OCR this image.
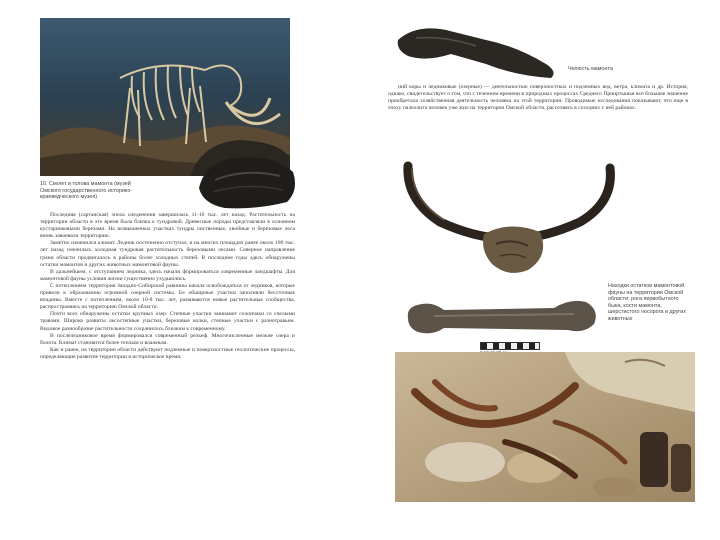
10. Скелет и голова мамонта (музей Омского государственного историко-краеведческого музея)

Последняя (сартанская) эпоха оледенения завершилась 11-10 тыс. лет назад. Растительность на территории области в это время была близка к тундровой. Древесные породы представляли в основном кустарниковыми березами. На возвышенных участках тундры лиственные, хвойные и березовые леса вновь завоевали территорию.

Заметно изменился климат. Ледник постепенно отступал, и на многих площадях ранее около 100 тыс. лет назад сменилась холодная тундровая растительность березовыми лесами. Северное направление грани области продвигалось в районы более холодных степей. В последние годы здесь обнаружены остатки мамонтов и других животных мамонтовой фауны.

В дальнейшем, с отступанием ледника, здесь начали формироваться современные ландшафты. Для мамонтовой фауны условия жизни существенно ухудшились.

С потеплением территория Западно-Сибирской равнины начала освобождаться от ледников, которые привели к образованию огромной озерной системы. Ее обширные участки заполняли бессточные впадины. Вместе с потеплением, около 10-8 тыс. лет, развиваются новые растительные сообщества, распространяясь на территорию Омской области.

Почти всех обнаружены остатки крупных озер. Степные участки занимают солончаки со спелыми травами. Широко развиты лесостепные участки, березовые колки, степные участки с разнотравьем. Видовое разнообразие растительности сохранилось близким к современному.

В послеледниковое время формировался современный рельеф. Многочисленные мелкие озера и болота. Климат становится более теплым и влажным.

Как и ранее, на территории области действуют подземные и поверхностные геологические процессы, определяющие развитие территории в историческое время.

Челюсть мамонта

ний коры и ледниковые (озерные) — деятельностью поверхностных и подземных вод, ветра, климата и др. История, однако, свидетельствует о том, что с течением времени в природных процессах Среднего Прииртышья все большее значение приобретала хозяйственная деятельность человека на этой территории. Проводимые исследования показывают, что еще в эпоху палеолита человек уже жил на территории Омской области, расселяясь в соседних с ней районах.

Находки остатков мамонтовой фауны на территории Омской области: рога первобытного быка, кости мамонта, шерстистого носорога и других животных
